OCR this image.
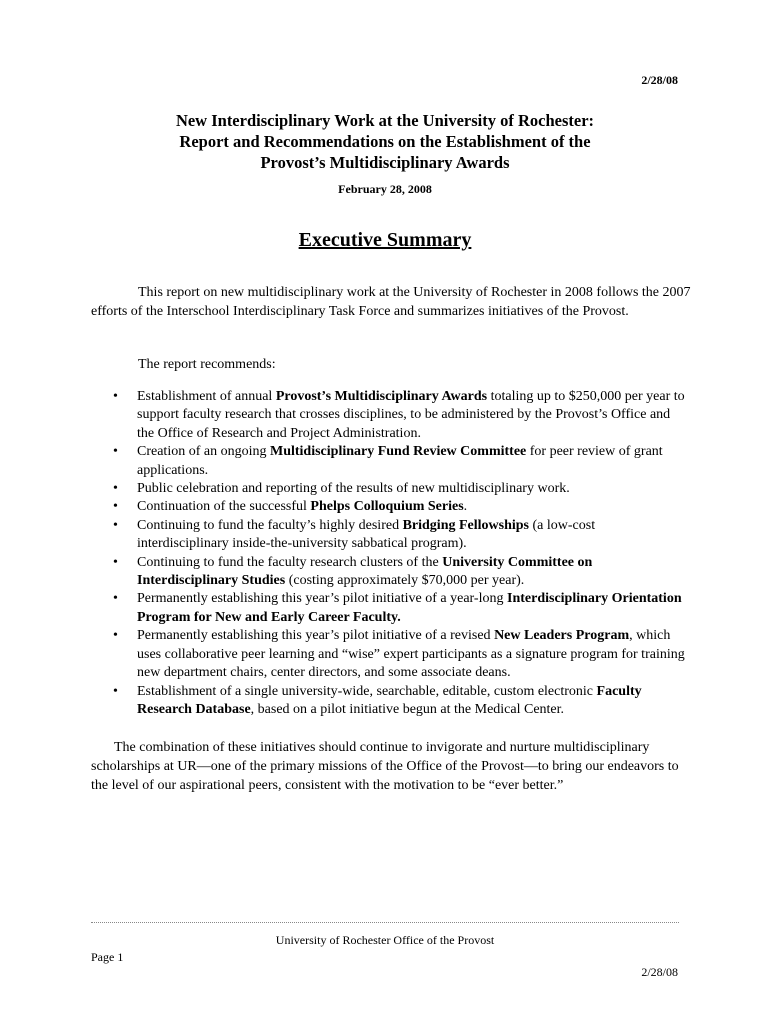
2/28/08
New Interdisciplinary Work at the University of Rochester:
Report and Recommendations on the Establishment of the
Provost’s Multidisciplinary Awards
February 28, 2008
Executive Summary

This report on new multidisciplinary work at the University of Rochester in 2008 follows the 2007 efforts of the Interschool Interdisciplinary Task Force and summarizes initiatives of the Provost.

The report recommends:

• Establishment of annual Provost’s Multidisciplinary Awards totaling up to $250,000 per year to support faculty research that crosses disciplines, to be administered by the Provost’s Office and the Office of Research and Project Administration.
• Creation of an ongoing Multidisciplinary Fund Review Committee for peer review of grant applications.
• Public celebration and reporting of the results of new multidisciplinary work.
• Continuation of the successful Phelps Colloquium Series.
• Continuing to fund the faculty’s highly desired Bridging Fellowships (a low-cost interdisciplinary inside-the-university sabbatical program).
• Continuing to fund the faculty research clusters of the University Committee on Interdisciplinary Studies (costing approximately $70,000 per year).
• Permanently establishing this year’s pilot initiative of a year-long Interdisciplinary Orientation Program for New and Early Career Faculty.
• Permanently establishing this year’s pilot initiative of a revised New Leaders Program, which uses collaborative peer learning and “wise” expert participants as a signature program for training new department chairs, center directors, and some associate deans.
• Establishment of a single university-wide, searchable, editable, custom electronic Faculty Research Database, based on a pilot initiative begun at the Medical Center.

The combination of these initiatives should continue to invigorate and nurture multidisciplinary scholarships at UR—one of the primary missions of the Office of the Provost—to bring our endeavors to the level of our aspirational peers, consistent with the motivation to be “ever better.”

University of Rochester Office of the Provost
Page 1
2/28/08
